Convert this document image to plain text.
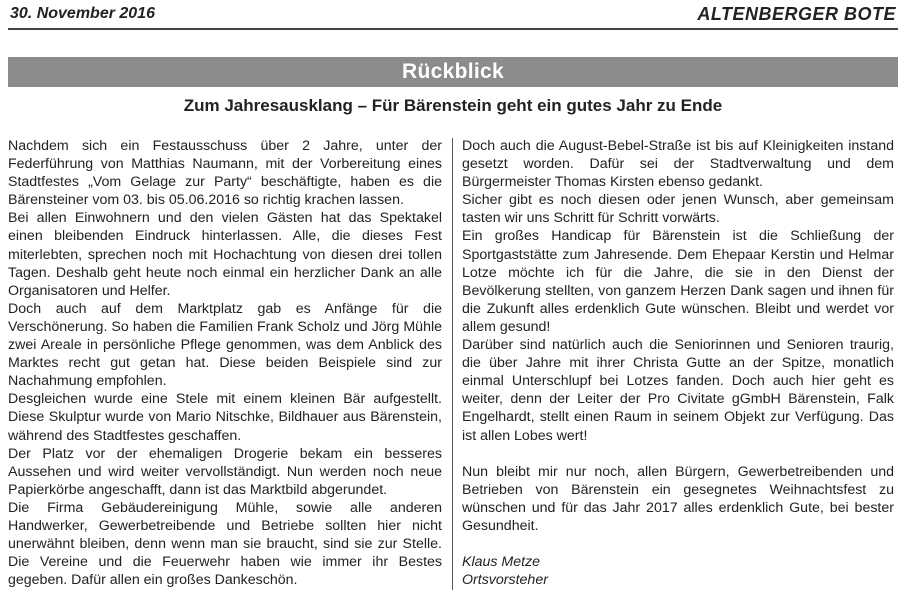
30. November 2016	ALTENBERGER BOTE
Rückblick
Zum Jahresausklang – Für Bärenstein geht ein gutes Jahr zu Ende

Nachdem sich ein Festausschuss über 2 Jahre, unter der Federführung von Matthias Naumann, mit der Vorbereitung eines Stadtfestes „Vom Gelage zur Party“ beschäftigte, haben es die Bärensteiner vom 03. bis 05.06.2016 so richtig krachen lassen.

Bei allen Einwohnern und den vielen Gästen hat das Spektakel einen bleibenden Eindruck hinterlassen. Alle, die dieses Fest miterlebten, sprechen noch mit Hochachtung von diesen drei tollen Tagen. Deshalb geht heute noch einmal ein herzlicher Dank an alle Organisatoren und Helfer.

Doch auch auf dem Marktplatz gab es Anfänge für die Verschönerung. So haben die Familien Frank Scholz und Jörg Mühle zwei Areale in persönliche Pflege genommen, was dem Anblick des Marktes recht gut getan hat. Diese beiden Beispiele sind zur Nachahmung empfohlen.

Desgleichen wurde eine Stele mit einem kleinen Bär aufgestellt. Diese Skulptur wurde von Mario Nitschke, Bildhauer aus Bärenstein, während des Stadtfestes geschaffen.

Der Platz vor der ehemaligen Drogerie bekam ein besseres Aussehen und wird weiter vervollständigt. Nun werden noch neue Papierkörbe angeschafft, dann ist das Marktbild abgerundet.

Die Firma Gebäudereinigung Mühle, sowie alle anderen Handwerker, Gewerbetreibende und Betriebe sollten hier nicht unerwähnt bleiben, denn wenn man sie braucht, sind sie zur Stelle. Die Vereine und die Feuerwehr haben wie immer ihr Bestes gegeben. Dafür allen ein großes Dankeschön.

Doch auch die August-Bebel-Straße ist bis auf Kleinigkeiten instand gesetzt worden. Dafür sei der Stadtverwaltung und dem Bürgermeister Thomas Kirsten ebenso gedankt.

Sicher gibt es noch diesen oder jenen Wunsch, aber gemeinsam tasten wir uns Schritt für Schritt vorwärts.

Ein großes Handicap für Bärenstein ist die Schließung der Sportgaststätte zum Jahresende. Dem Ehepaar Kerstin und Helmar Lotze möchte ich für die Jahre, die sie in den Dienst der Bevölkerung stellten, von ganzem Herzen Dank sagen und ihnen für die Zukunft alles erdenklich Gute wünschen. Bleibt und werdet vor allem gesund!

Darüber sind natürlich auch die Seniorinnen und Senioren traurig, die über Jahre mit ihrer Christa Gutte an der Spitze, monatlich einmal Unterschlupf bei Lotzes fanden. Doch auch hier geht es weiter, denn der Leiter der Pro Civitate gGmbH Bärenstein, Falk Engelhardt, stellt einen Raum in seinem Objekt zur Verfügung. Das ist allen Lobes wert!

Nun bleibt mir nur noch, allen Bürgern, Gewerbetreibenden und Betrieben von Bärenstein ein gesegnetes Weihnachtsfest zu wünschen und für das Jahr 2017 alles erdenklich Gute, bei bester Gesundheit.

Klaus Metze

Ortsvorsteher
